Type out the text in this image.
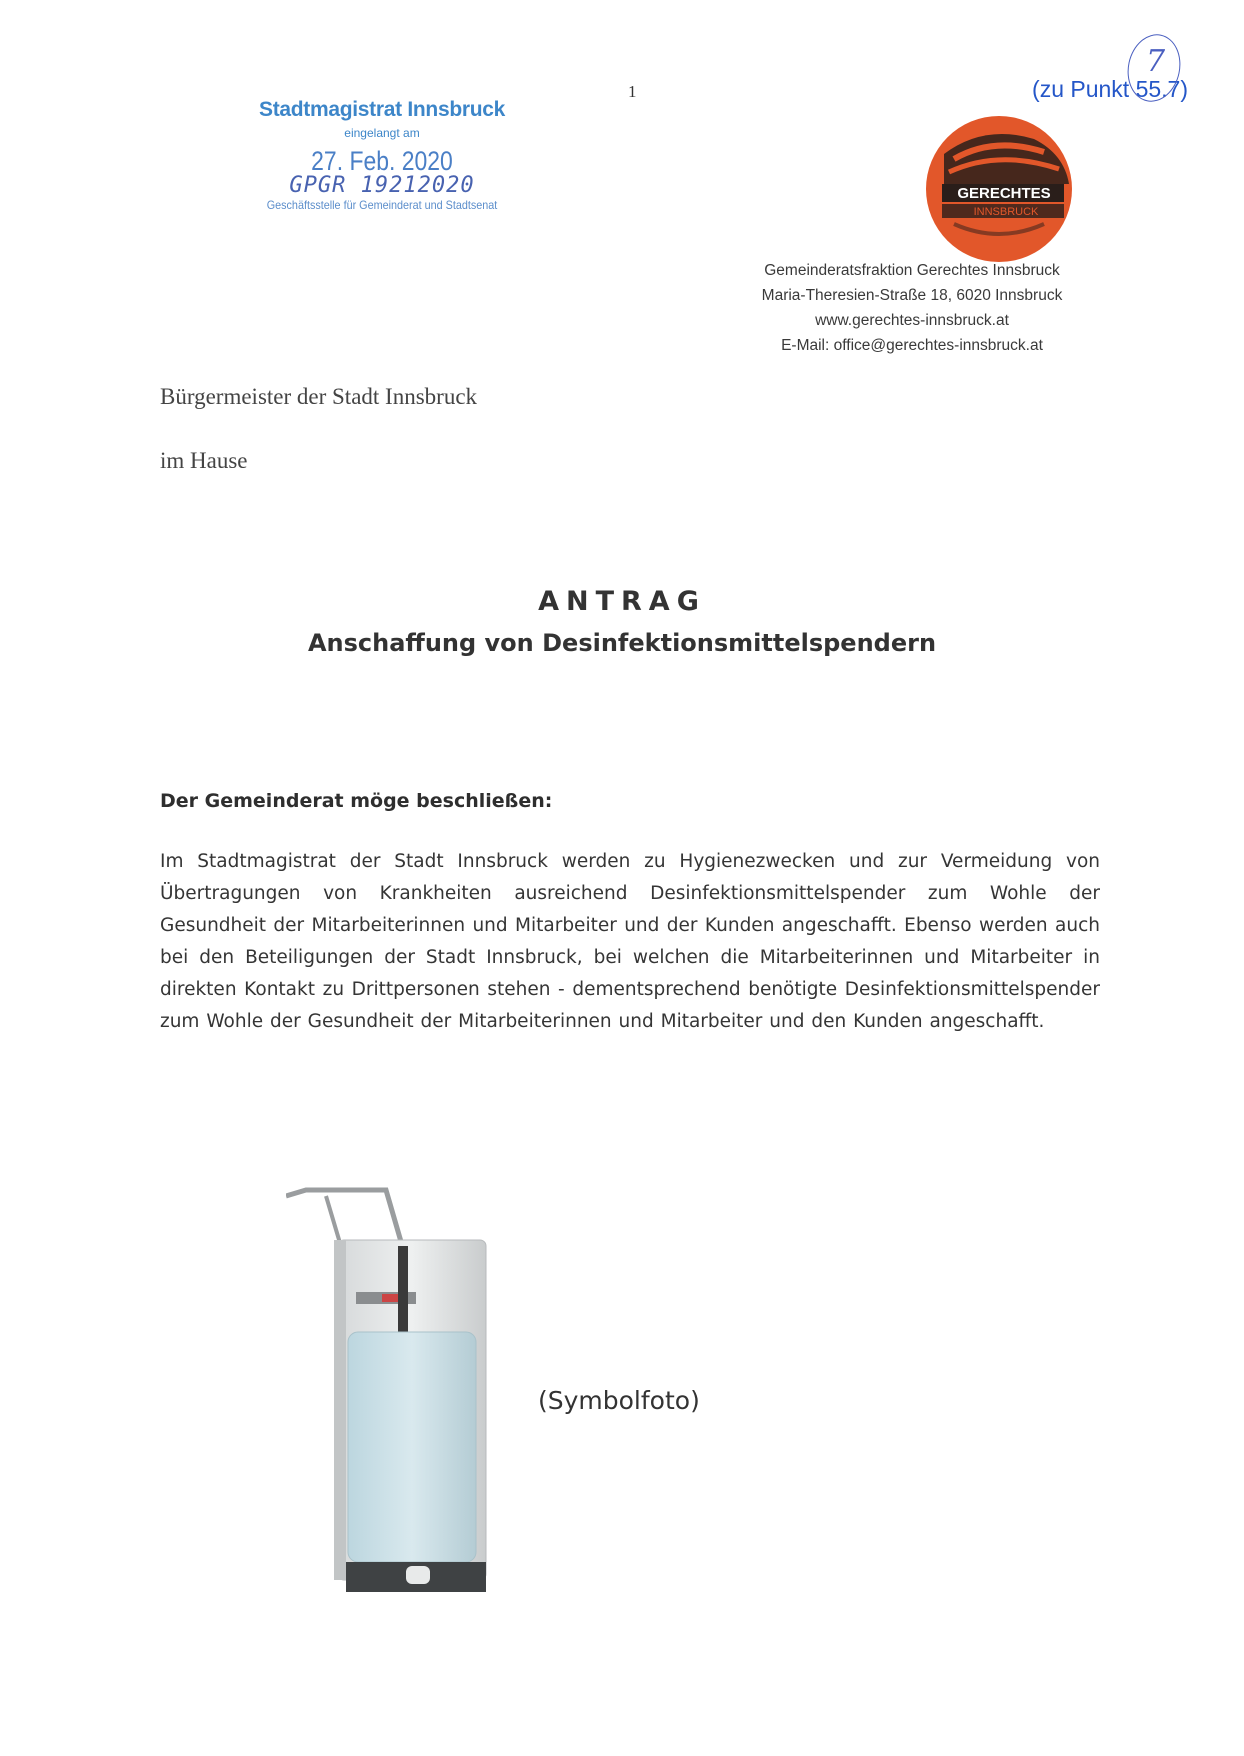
1	(zu Punkt 55.7)
7
Stadtmagistrat Innsbruck
eingelangt am
27. Feb. 2020
GPGR 19212020
Geschäftsstelle für Gemeinderat und Stadtsenat
GERECHTES
INNSBRUCK
Gemeinderatsfraktion Gerechtes Innsbruck
Maria-Theresien-Straße 18, 6020 Innsbruck
www.gerechtes-innsbruck.at
E-Mail: office@gerechtes-innsbruck.at
Bürgermeister der Stadt Innsbruck
im Hause
ANTRAG
Anschaffung von Desinfektionsmittelspendern
Der Gemeinderat möge beschließen:
Im Stadtmagistrat der Stadt Innsbruck werden zu Hygienezwecken und zur Vermeidung von Übertragungen von Krankheiten ausreichend Desinfektionsmittelspender zum Wohle der Gesundheit der Mitarbeiterinnen und Mitarbeiter und der Kunden angeschafft. Ebenso werden auch bei den Beteiligungen der Stadt Innsbruck, bei welchen die Mitarbeiterinnen und Mitarbeiter in direkten Kontakt zu Drittpersonen stehen - dementsprechend benötigte Desinfektionsmittelspender zum Wohle der Gesundheit der Mitarbeiterinnen und Mitarbeiter und den Kunden angeschafft.
(Symbolfoto)
